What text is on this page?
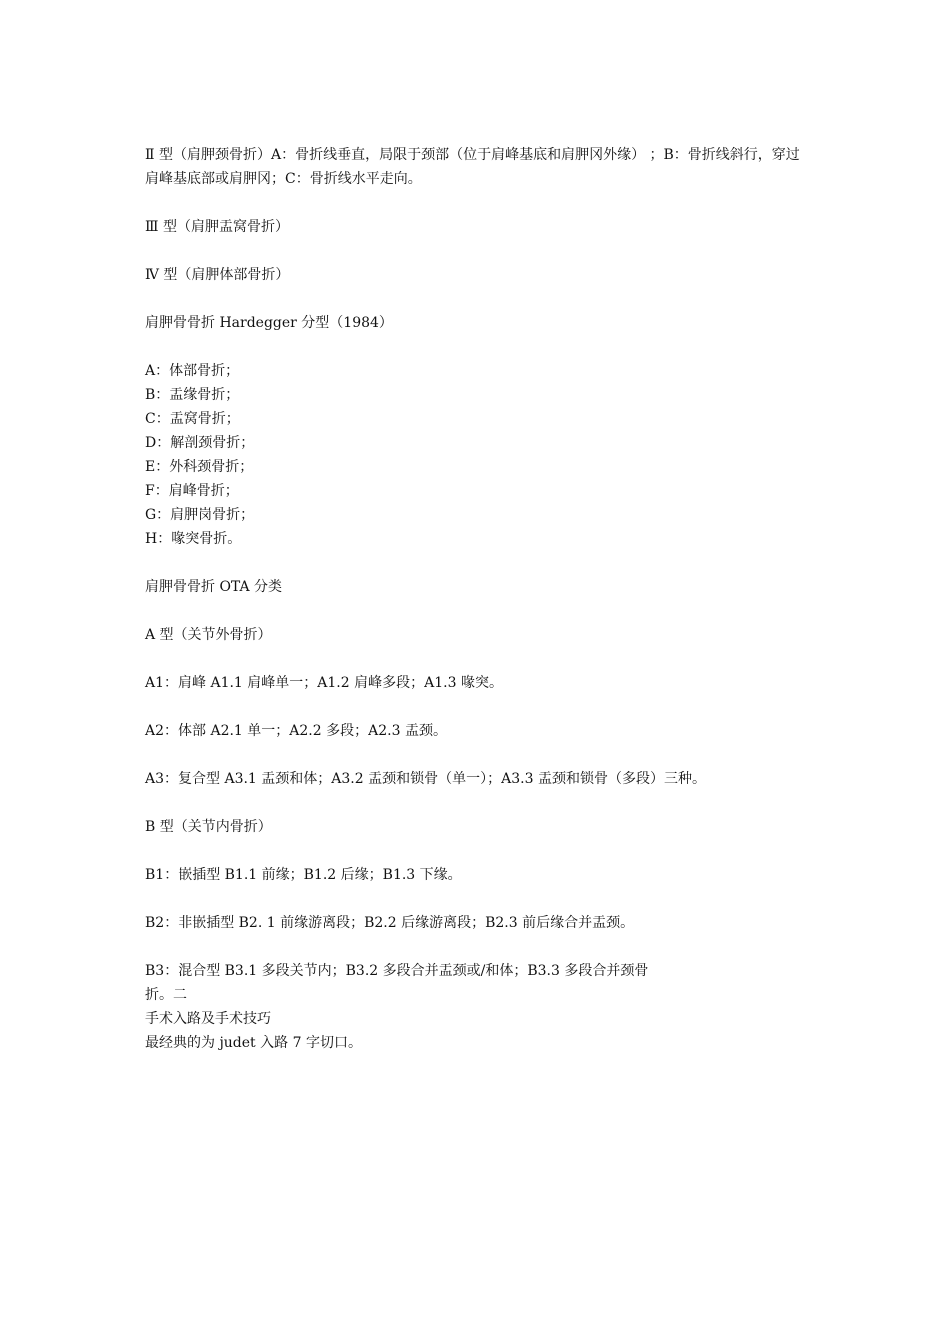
Ⅱ 型（肩胛颈骨折）A：骨折线垂直，局限于颈部（位于肩峰基底和肩胛冈外缘） ；B：骨折线斜行，穿过肩峰基底部或肩胛冈；C：骨折线水平走向。

Ⅲ 型（肩胛盂窝骨折）

Ⅳ 型（肩胛体部骨折）

肩胛骨骨折 Hardegger 分型（1984）

A：体部骨折；

B：盂缘骨折；

C：盂窝骨折；

D：解剖颈骨折；

E：外科颈骨折；

F：肩峰骨折；

G：肩胛岗骨折；

H：喙突骨折。

肩胛骨骨折 OTA 分类

A 型（关节外骨折）

A1：肩峰 A1.1 肩峰单一；A1.2 肩峰多段；A1.3 喙突。

A2：体部 A2.1 单一；A2.2 多段；A2.3 盂颈。

A3：复合型 A3.1 盂颈和体；A3.2 盂颈和锁骨（单一）；A3.3 盂颈和锁骨（多段）三种。

B 型（关节内骨折）

B1：嵌插型 B1.1 前缘；B1.2 后缘；B1.3 下缘。

B2：非嵌插型 B2. 1 前缘游离段；B2.2 后缘游离段；B2.3 前后缘合并盂颈。

B3：混合型 B3.1 多段关节内；B3.2 多段合并盂颈或/和体；B3.3 多段合并颈骨
折。二
手术入路及手术技巧
最经典的为 judet 入路 7 字切口。
